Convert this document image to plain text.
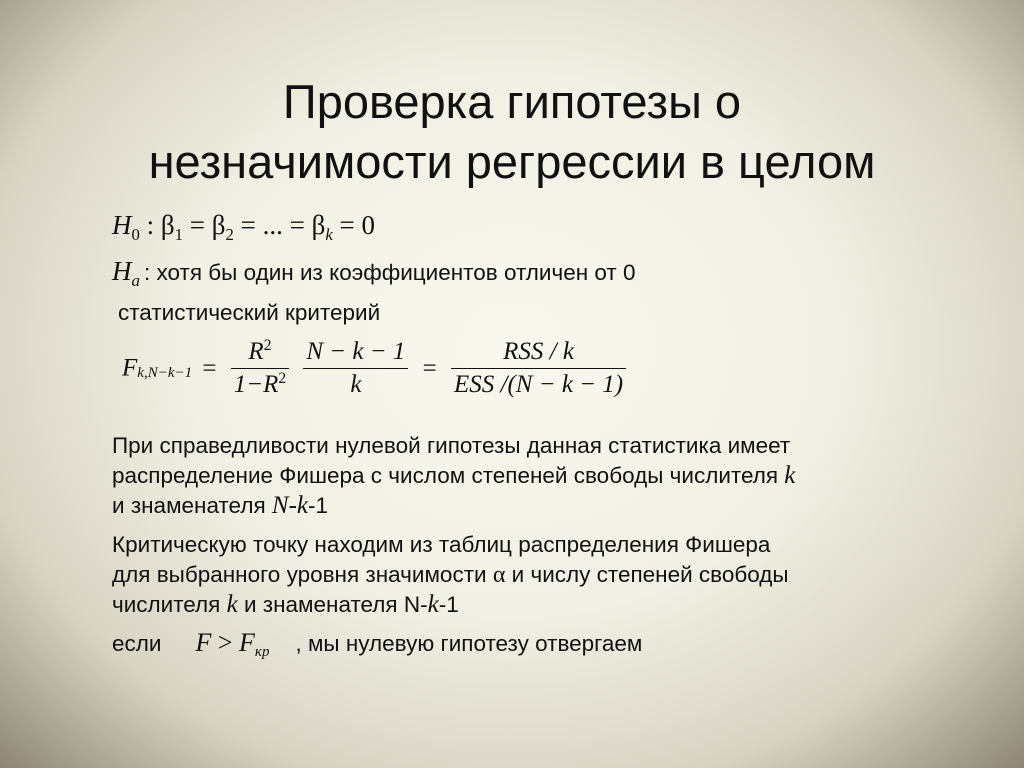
Проверка гипотезы о
незначимости регрессии в целом
$H_0$ : $\beta_1 = \beta_2$ = ... = $\beta_k = 0$
Ha : хотя бы один из коэффициентов отличен от 0
статистический критерий
$F_{k,N-k-1} = \frac{R^2}{1-R^2}$
$\frac{N - k - 1}{k} = \frac{\text{RSS / k}}{\text{ESS /(N − k − 1)}}$
При справедливости нулевой гипотезы данная статистика имеет
распределение Фишера с числом степеней свободы числителя k
и знаменателя N-k-1
Критическую точку находим из таблиц распределения Фишера
для выбранного уровня значимости α и числу степеней свободы
числителя k и знаменателя N-k-1
если F > Fкр , мы нулевую гипотезу отвергаем
